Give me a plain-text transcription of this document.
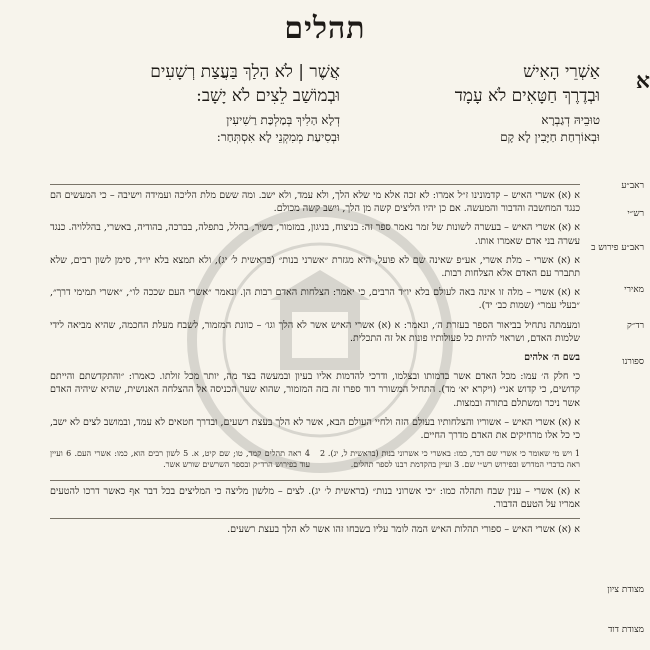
תהלים
א
אַשְׁרֵי הָאִישׁ
וּבְדֶרֶךְ חַטָּאִים לֹא עָמָד
טוּבֵיהּ דְגַבְרָא
וּבְאוֹרְחַת חַיָּבִין לָא קָם
אֲשֶׁר | לֹא הָלַךְ בַּעֲצַת רְשָׁעִים
וּבְמוֹשַׁב לֵצִים לֹא יָשָׁב:
דְלָא הַלִיךְ בְּמַלְכַּת רַשִׁיעִין
וּבְסִיעַת מְמִקְנֵי לָא אִסְתְּחַר:
ראב״ע
רש״י
ראב״ע פירוש ב
מאירי
רד״ק
ספורנו
מצודת ציון
מצודת דוד

א (א) אשרי האיש – קדמונינו ז״ל אמרו: לא זכה אלא מי שלא הלך, ולא עמד, ולא ישב. ומה ששם מלת הליכה ועמידה וישיבה – כי המעשים הם כנגד המחשבה והדבור והמעשה. אם כן יהיו הליצים קשה מן הלך, וישב קשה מכולם.

א (א) אשרי האיש – בעשרה לשונות של זמר נאמר ספר זה: בניצוח, בניגון, במזמור, בשיר, בהלל, בתפלה, בברכה, בהודיה, באשרי, בהללויה. כנגד עשרה בני אדם שאמרו אותו.

א (א) אשרי – מלת אשרי, אע״פ שאינה שם לא פועל, היא מגזרת ״אשרני בנות״ (בראשית ל׳ יג), ולא תמצא בלא יו״ד, סימן לשון רבים, שלא תתברר עם האדם אלא הצלחות רבות.

א (א) אשרי – מלה זו אינה באה לעולם בלא יו״ד הרבים, כי יאמר: הצלחות האדם רבות הן. ונאמר ״אשרי העם שככה לו״, ״אשרי תמימי דרך״, ״בעלי עמר״ (שמות כב׳ יד).

ומעמתה נתחיל בביאור הספר בעזרת ה׳, ונאמר: א (א) אשרי האיש אשר לא הלך וגו׳ – כוונת המזמור, לשבח מעלת החכמה, שהיא מביאה לידי שלמות האדם, ושראוי להיות כל פעולותיו פונות אל זה התכלית.

בשם ה׳ אלהים

כי חלק ה׳ עמו: מכל האדם אשר בדמותו ובצלמו, ודרכי להדמות אליו בעיון ובמעשה בצד מה, יותר מכל זולתו. כאמרו: ״והתקדשתם והייתם קדושים, כי קדוש אני״ (ויקרא יא׳ מד). התחיל המשורר דוד ספרו זה בזה המזמור, שהוא שער הכניסה אל ההצלחה האנושית, שהיא שיהיה האדם אשר ניכר ומשתלם בתורה ובמצות.

א (א) אשרי האיש – אשוריו והצלחותיו בעולם הזה ולחיי העולם הבא, אשר לא הלך בעצת רשעים, ובדרך חטאים לא עמד, ובמושב לצים לא ישב, כי כל אלו מרחיקים את האדם מדרך החיים.

1 ויש מי שאומר כי אשרי שם דבר, כמו: באשרי כי אשרוני בנות (בראשית ל, יג). 2 ראה בדברי המדרש ובפירוש רש״י שם. 3 ועיין בהקדמת רבנו לספר תהלים.
4 ראה תהלים קמד, טו; שם קיט, א. 5 לשון רבים הוא, כמו: אשרי העם. 6 ועיין עוד בפירוש הרד״ק ובספר השרשים שורש אשר.

א (א) אשרי – ענין שבח ותהלה כמו: ״כי אשרוני בנות״ (בראשית ל׳ יג). לצים – מלשון מליצה כי המליצים בכל דבר אף כאשר דרכו להטעים אמריו על הטעם הדבור.

א (א) אשרי האיש – ספורי תהלות האיש המה לומר עליו בשבחו זהו אשר לא הלך בעצת רשעים.
